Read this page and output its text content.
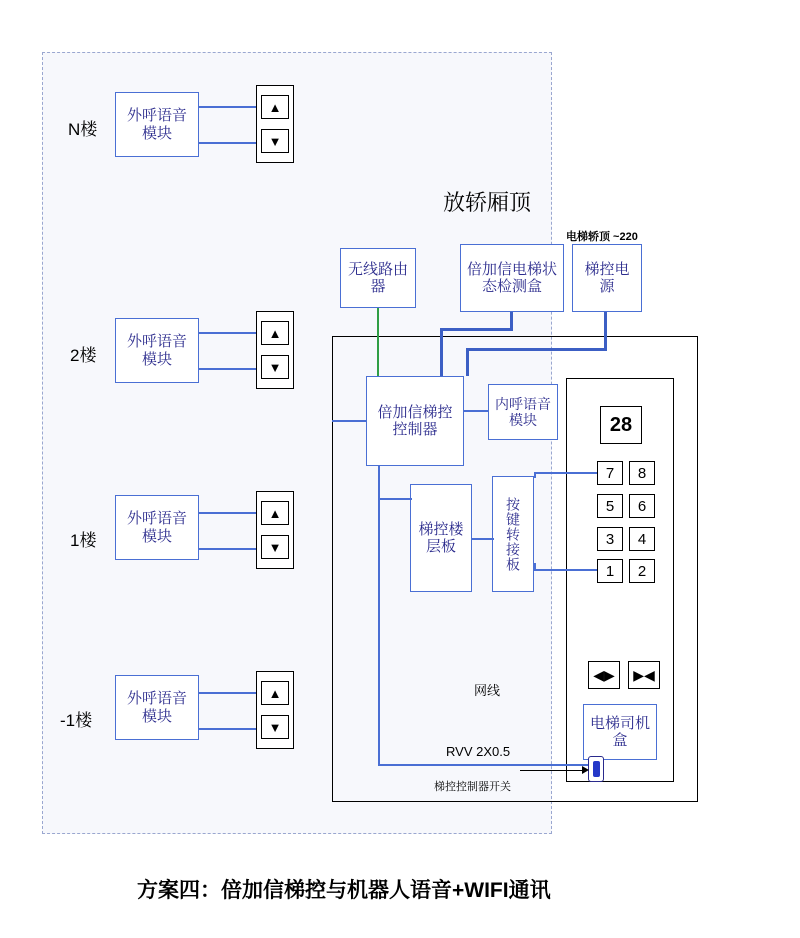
放轿厢顶
N楼
外呼语音模块
▲
▼
2楼
外呼语音模块
▲
▼
1楼
外呼语音模块
▲
▼
-1楼
外呼语音模块
▲
▼
无线路由器
倍加信电梯状态检测盒
梯控电源
电梯轿顶 ~220
倍加信梯控控制器
内呼语音模块
梯控楼层板	按键转接板
28
7	8
5	6
3	4
1	2
◀▶	▶◀
电梯司机盒
网线
RVV 2X0.5
梯控控制器开关
方案四：倍加信梯控与机器人语音+WIFI通讯
